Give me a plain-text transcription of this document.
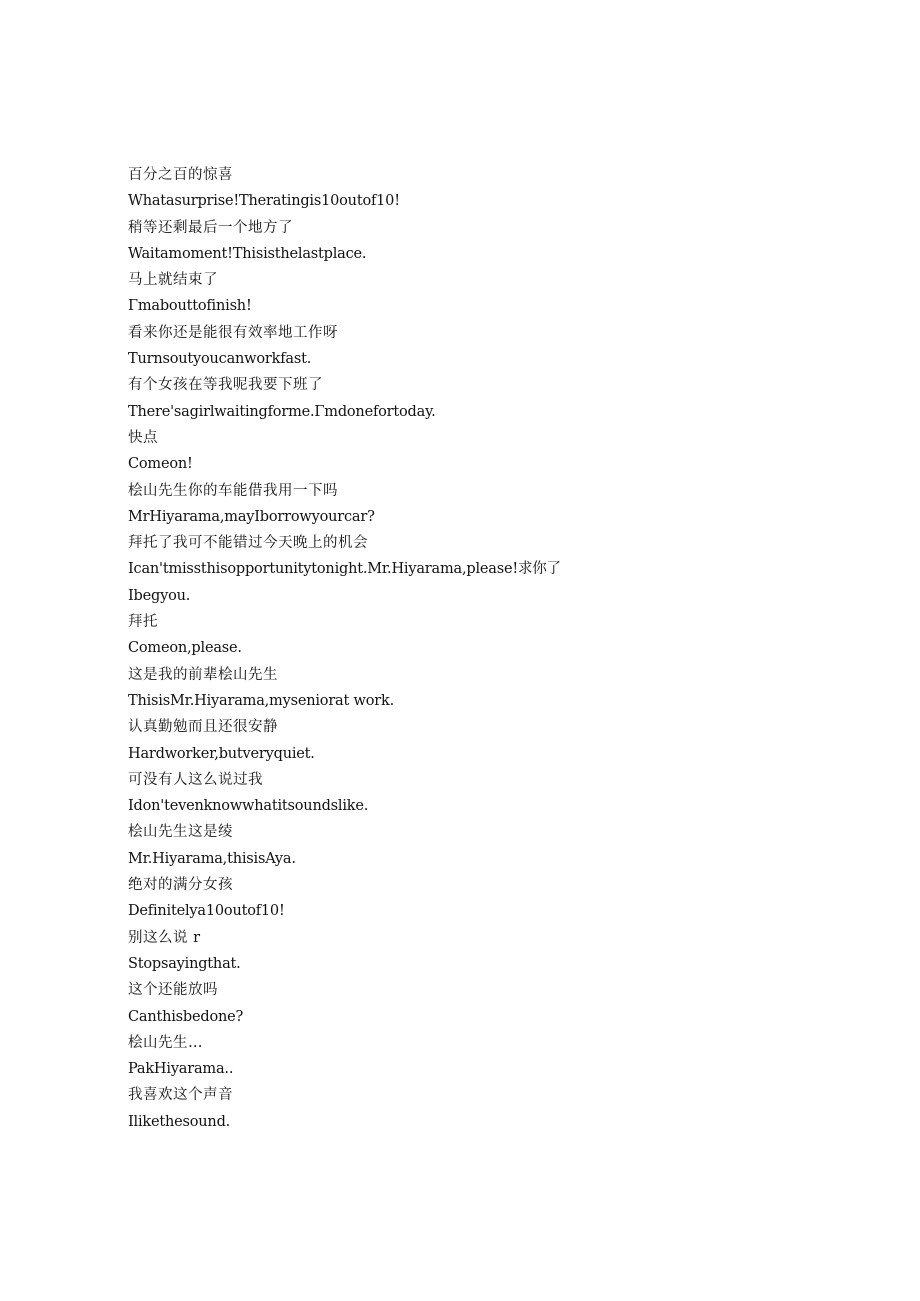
百分之百的惊喜
Whatasurprise!Theratingis10outof10!
稍等还剩最后一个地方了
Waitamoment!Thisisthelastplace.
马上就结束了
Γmabouttofinish!
看来你还是能很有效率地工作呀
Turnsoutyoucanworkfast.
有个女孩在等我呢我要下班了
There'sagirlwaitingforme.Γmdonefortoday.
快点
Comeon!
桧山先生你的车能借我用一下吗
MrHiyarama,mayIborrowyourcar?
拜托了我可不能错过今天晚上的机会
Ican'tmissthisopportunitytonight.Mr.Hiyarama,please!求你了
Ibegyou.
拜托
Comeon,please.
这是我的前辈桧山先生
ThisisMr.Hiyarama,myseniorat work.
认真勤勉而且还很安静
Hardworker,butveryquiet.
可没有人这么说过我
Idon'tevenknowwhatitsoundslike.
桧山先生这是绫
Mr.Hiyarama,thisisAya.
绝对的满分女孩
Definitelya10outof10!
别这么说 r
Stopsayingthat.
这个还能放吗
Canthisbedone?
桧山先生…
PakHiyarama..
我喜欢这个声音
Ilikethesound.
